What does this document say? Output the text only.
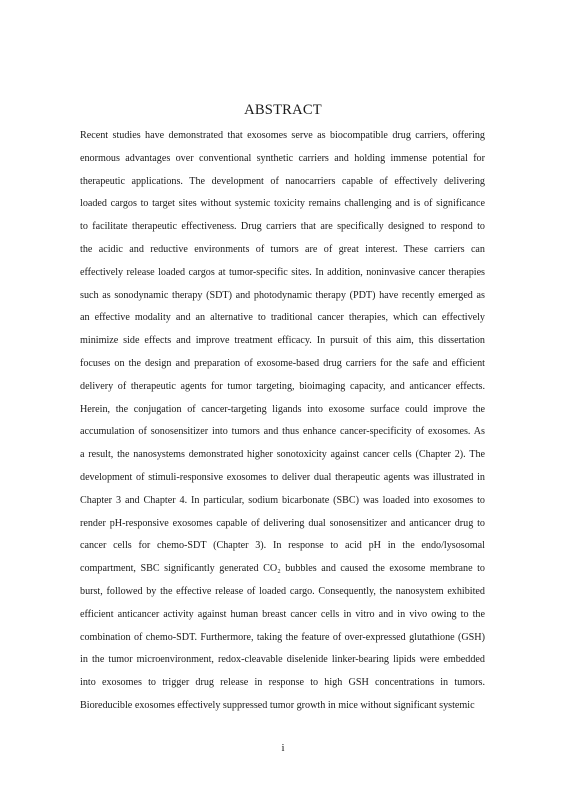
ABSTRACT
Recent studies have demonstrated that exosomes serve as biocompatible drug carriers, offering
enormous advantages over conventional synthetic carriers and holding immense potential for
therapeutic applications. The development of nanocarriers capable of effectively delivering
loaded cargos to target sites without systemic toxicity remains challenging and is of significance
to facilitate therapeutic effectiveness. Drug carriers that are specifically designed to respond to
the acidic and reductive environments of tumors are of great interest. These carriers can
effectively release loaded cargos at tumor-specific sites. In addition, noninvasive cancer therapies
such as sonodynamic therapy (SDT) and photodynamic therapy (PDT) have recently emerged as
an effective modality and an alternative to traditional cancer therapies, which can effectively
minimize side effects and improve treatment efficacy. In pursuit of this aim, this dissertation
focuses on the design and preparation of exosome-based drug carriers for the safe and efficient
delivery of therapeutic agents for tumor targeting, bioimaging capacity, and anticancer effects.
Herein, the conjugation of cancer-targeting ligands into exosome surface could improve the
accumulation of sonosensitizer into tumors and thus enhance cancer-specificity of exosomes. As
a result, the nanosystems demonstrated higher sonotoxicity against cancer cells (Chapter 2). The
development of stimuli-responsive exosomes to deliver dual therapeutic agents was illustrated in
Chapter 3 and Chapter 4. In particular, sodium bicarbonate (SBC) was loaded into exosomes to
render pH-responsive exosomes capable of delivering dual sonosensitizer and anticancer drug to
cancer cells for chemo-SDT (Chapter 3). In response to acid pH in the endo/lysosomal
compartment, SBC significantly generated CO₂ bubbles and caused the exosome membrane to
burst, followed by the effective release of loaded cargo. Consequently, the nanosystem exhibited
efficient anticancer activity against human breast cancer cells in vitro and in vivo owing to the
combination of chemo-SDT. Furthermore, taking the feature of over-expressed glutathione (GSH)
in the tumor microenvironment, redox-cleavable diselenide linker-bearing lipids were embedded
into exosomes to trigger drug release in response to high GSH concentrations in tumors.
Bioreducible exosomes effectively suppressed tumor growth in mice without significant systemic
i
